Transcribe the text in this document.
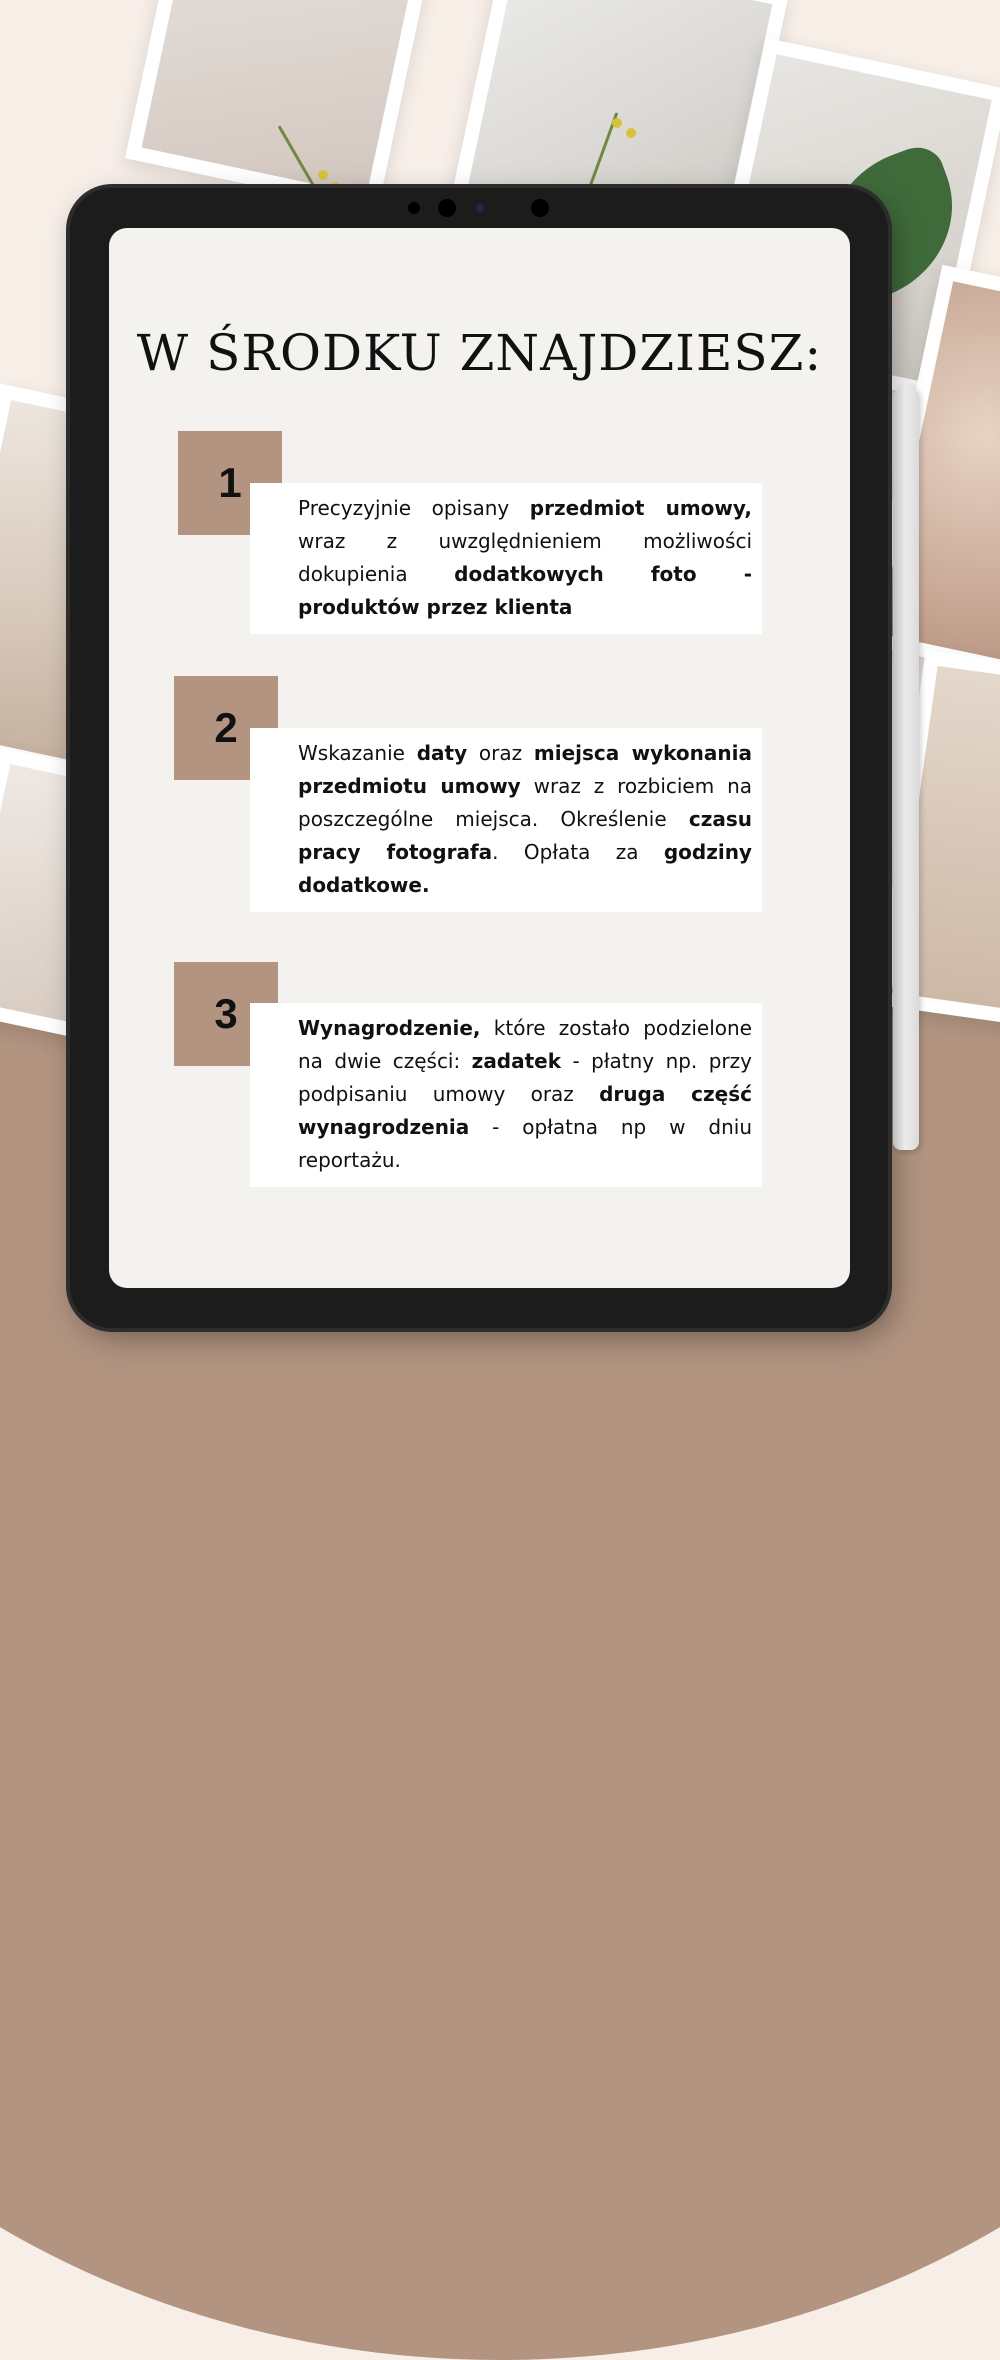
W ŚRODKU ZNAJDZIESZ:
1
Precyzyjnie opisany przedmiot umowy, wraz z uwzględnieniem możliwości dokupienia dodatkowych foto - produktów przez klienta
2
Wskazanie daty oraz miejsca wykonania przedmiotu umowy wraz z rozbiciem na poszczególne miejsca. Określenie czasu pracy fotografa. Opłata za godziny dodatkowe.
3	Wynagrodzenie, które zostało podzielone na dwie części: zadatek - płatny np. przy podpisaniu umowy oraz druga część wynagrodzenia - opłatna np w dniu reportażu.
